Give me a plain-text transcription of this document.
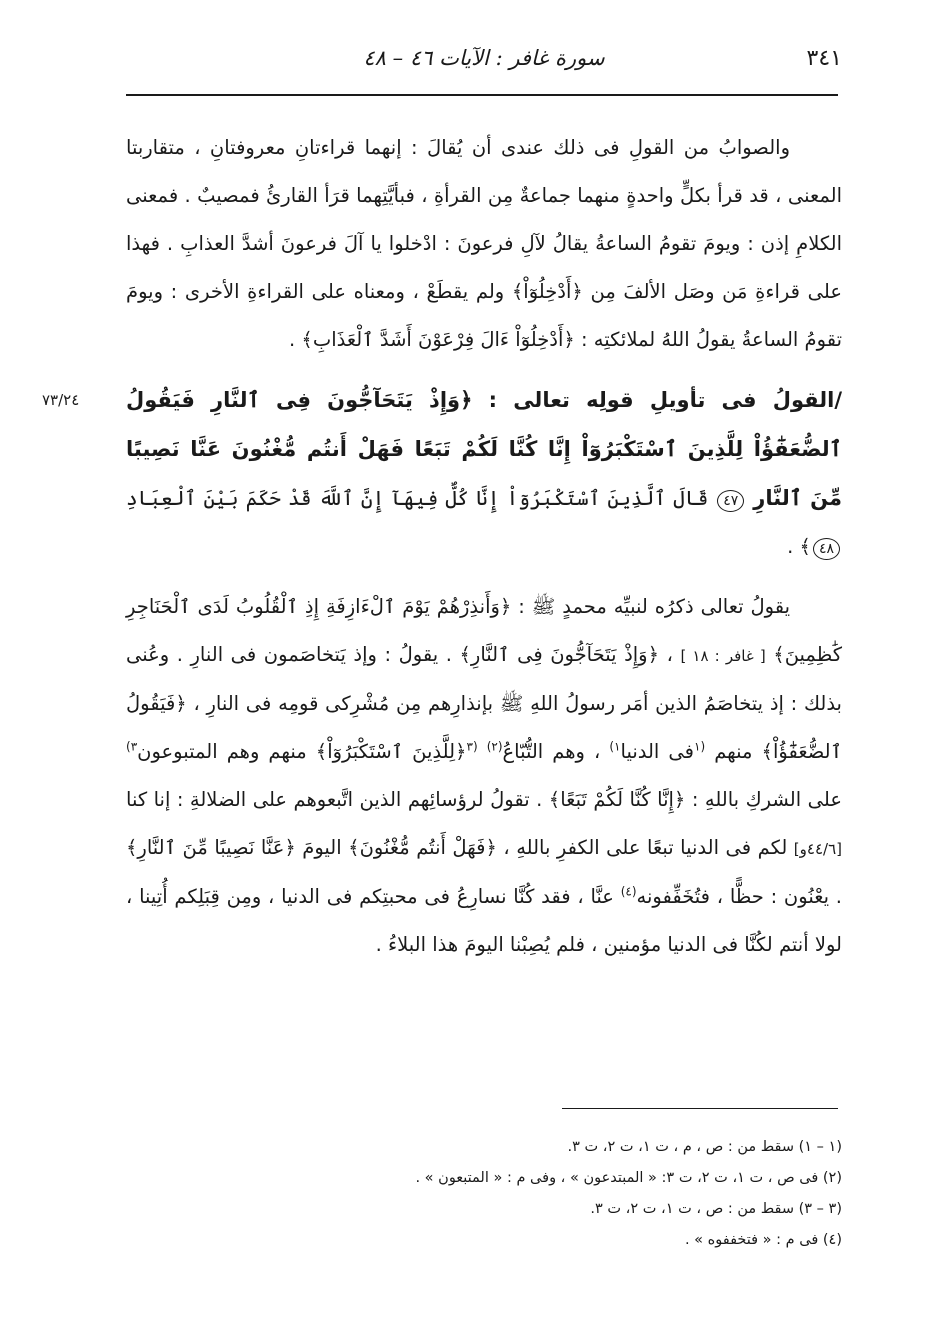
٣٤١
سورة غافر : الآيات ٤٦ – ٤٨

والصوابُ من القولِ فى ذلك عندى أن يُقالَ : إنهما قراءتانِ معروفتانِ ، متقاربتا المعنى ، قد قرأ بكلٍّ واحدةٍ منهما جماعةٌ مِن القرأةِ ، فبأيَّتِهما قرَأ القارئُ فمصيبٌ . فمعنى الكلامِ إذن : ويومَ تقومُ الساعةُ يقالُ لآلِ فرعونَ : ادْخلوا يا آلَ فرعونَ أشدَّ العذابِ . فهذا على قراءةِ مَن وصَل الألفَ مِن ﴿أَدْخِلُوٓاْ﴾ ولم يقطَعْ ، ومعناه على القراءةِ الأخرى : ويومَ تقومُ الساعةُ يقولُ اللهُ لملائكتِه : ﴿أَدْخِلُوٓاْ ءَالَ فِرْعَوْنَ أَشَدَّ ٱلْعَذَابِ﴾ .

٧٣/٢٤	/القولُ فى تأويلِ قولِه تعالى : ﴿وَإِذْ يَتَحَآجُّونَ فِى ٱلنَّارِ فَيَقُولُ ٱلضُّعَفَٰٓؤُاْ لِلَّذِينَ ٱسْتَكْبَرُوٓاْ إِنَّا كُنَّا لَكُمْ تَبَعًا فَهَلْ أَنتُم مُّغْنُونَ عَنَّا نَصِيبًا مِّنَ ٱلنَّارِ ٤٧ قَالَ ٱلَّذِينَ ٱسْتَكْبَرُوٓاْ إِنَّا كُلٌّ فِيهَآ إِنَّ ٱللَّهَ قَدْ حَكَمَ بَيْنَ ٱلْعِبَادِ ٤٨﴾ .

يقولُ تعالى ذكرُه لنبيِّه محمدٍ ﷺ : ﴿وَأَنذِرْهُمْ يَوْمَ ٱلْءَازِفَةِ إِذِ ٱلْقُلُوبُ لَدَى ٱلْحَنَاجِرِ كَٰظِمِينَ﴾ [ غافر : ١٨ ] ، ﴿وَإِذْ يَتَحَآجُّونَ فِى ٱلنَّارِ﴾ . يقولُ : وإذ يَتخاصَمون فى النارِ . وعُنى بذلك : إذ يتخاصَمُ الذين أمَر رسولُ اللهِ ﷺ بإنذارِهم مِن مُشْرِكى قومِه فى النارِ ، ﴿فَيَقُولُ ٱلضُّعَفَٰٓؤُاْ﴾ منهم $^{(١}$فى الدنيا$^{١)}$ ، وهم التُّبّاعُ$^{(٢)}$ $^{(٣}$﴿لِلَّذِينَ ٱسْتَكْبَرُوٓاْ﴾ منهم وهم المتبوعون$^{٣)}$ على الشركِ باللهِ : ﴿إِنَّا كُنَّا لَكُمْ تَبَعًا﴾ . تقولُ لرؤسائِهم الذين اتَّبعوهم على الضلالةِ : إنا كنا [٤٤/٦و] لكم فى الدنيا تبعًا على الكفرِ باللهِ ، ﴿فَهَلْ أَنتُم مُّغْنُونَ﴾ اليومَ ﴿عَنَّا نَصِيبًا مِّنَ ٱلنَّارِ﴾ . يعْنُون : حظًّا ، فتُخَفِّفونه$^{(٤)}$ عنَّا ، فقد كُنَّا نسارِعُ فى محبتِكم فى الدنيا ، ومِن قِبَلِكم أُتِينا ، لولا أنتم لكُنَّا فى الدنيا مؤمنين ، فلم يُصِبْنا اليومَ هذا البلاءُ .

(١ – ١) سقط من : ص ، م ، ت ١، ت ٢، ت ٣.

(٢) فى ص ، ت ١، ت ٢، ت ٣: « المبتدعون » ، وفى م : « المتبعون » .

(٣ – ٣) سقط من : ص ، ت ١، ت ٢، ت ٣.

(٤) فى م : « فتخففوه » .
